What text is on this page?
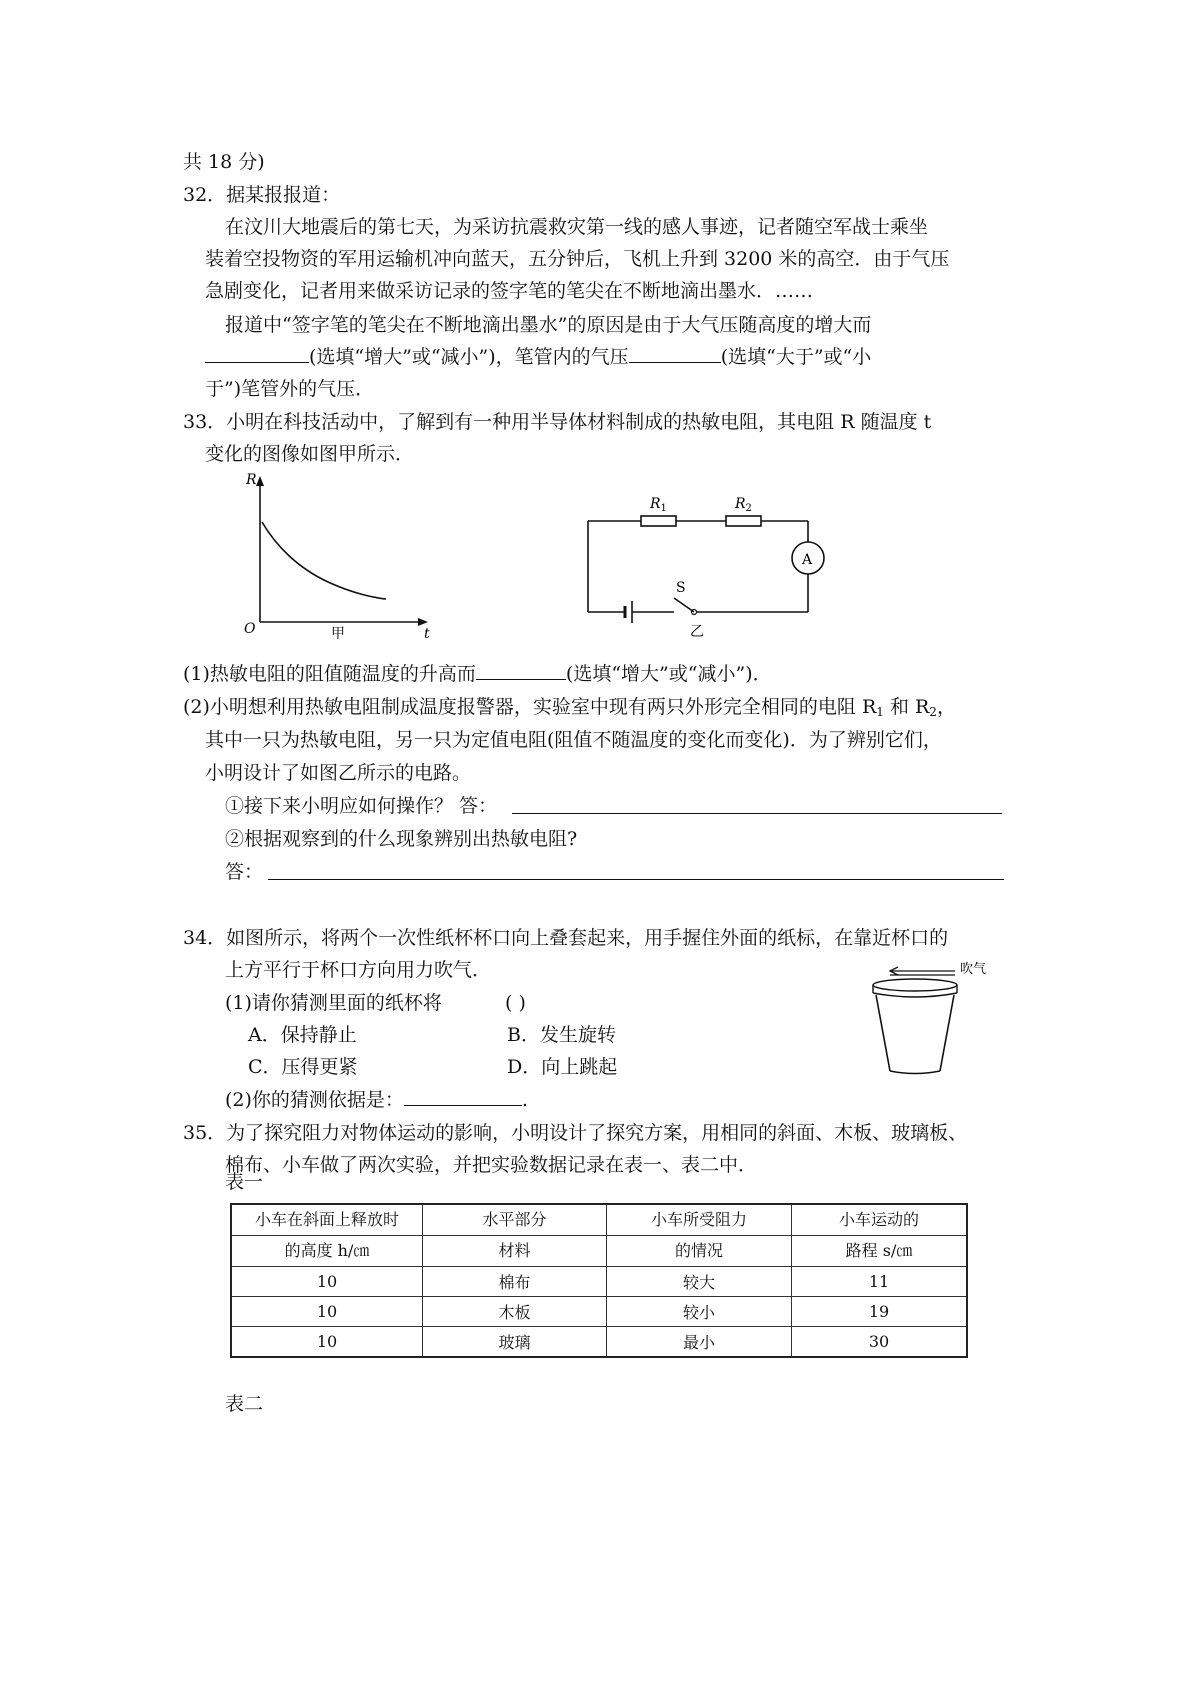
共 18 分)
32．据某报报道：
在汶川大地震后的第七天，为采访抗震救灾第一线的感人事迹，记者随空军战士乘坐
装着空投物资的军用运输机冲向蓝天，五分钟后，飞机上升到 3200 米的高空．由于气压
急剧变化，记者用来做采访记录的签字笔的笔尖在不断地滴出墨水．……
报道中“签字笔的笔尖在不断地滴出墨水”的原因是由于大气压随高度的增大而
(选填“增大”或“减小”)，笔管内的气压	(选填“大于”或“小
于”)笔管外的气压．
33．小明在科技活动中，了解到有一种用半导体材料制成的热敏电阻，其电阻 R 随温度 t
变化的图像如图甲所示．
R
t
O	甲
A
$R_1$	$R_2$
S
乙
(1)热敏电阻的阻值随温度的升高而	(选填“增大”或“减小”)．
(2)小明想利用热敏电阻制成温度报警器，实验室中现有两只外形完全相同的电阻 $R_1$ 和 $R_2$，
其中一只为热敏电阻，另一只为定值电阻(阻值不随温度的变化而变化)．为了辨别它们，
小明设计了如图乙所示的电路。
①接下来小明应如何操作？ 答：
②根据观察到的什么现象辨别出热敏电阻?
答：
34．如图所示，将两个一次性纸杯杯口向上叠套起来，用手握住外面的纸标，在靠近杯口的
上方平行于杯口方向用力吹气．
(1)请你猜测里面的纸杯将	( )
A．保持静止	B．发生旋转
C．压得更紧	D．向上跳起
(2)你的猜测依据是：	.
吹气
35．为了探究阻力对物体运动的影响，小明设计了探究方案，用相同的斜面、木板、玻璃板、
棉布、小车做了两次实验，并把实验数据记录在表一、表二中．
表一
小车在斜面上释放时	水平部分	小车所受阻力	小车运动的
的高度 h/㎝	材料	的情况	路程 s/㎝
10	棉布	较大	11
10	木板	较小	19
10	玻璃	最小	30
表二
